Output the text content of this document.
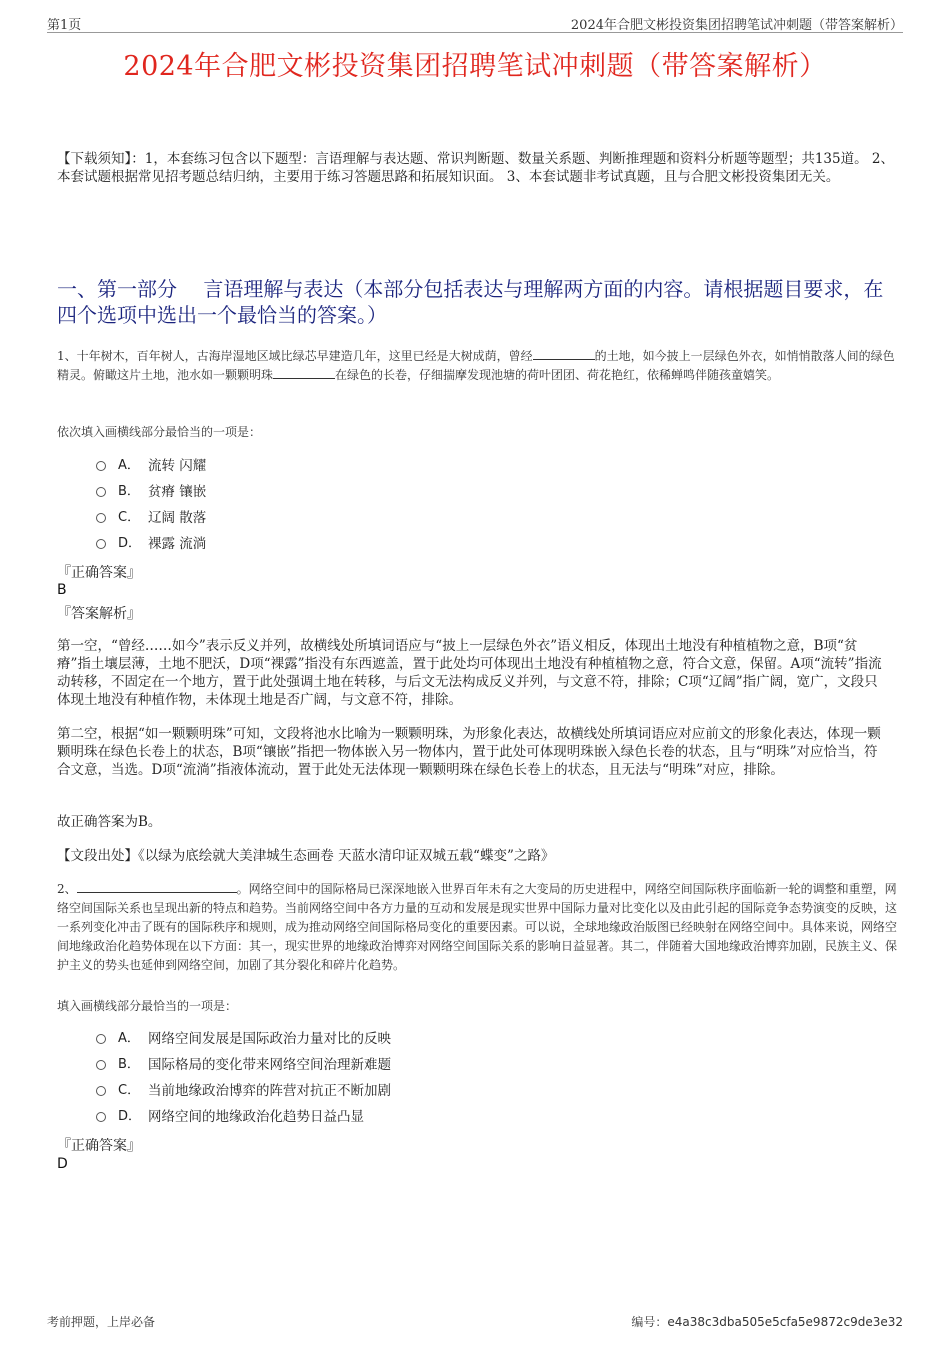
第1页	2024年合肥文彬投资集团招聘笔试冲刺题（带答案解析）
2024年合肥文彬投资集团招聘笔试冲刺题（带答案解析）
【下载须知】：1，本套练习包含以下题型：言语理解与表达题、常识判断题、数量关系题、判断推理题和资料分析题等题型；共135道。 2、本套试题根据常见招考题总结归纳，主要用于练习答题思路和拓展知识面。 3、本套试题非考试真题，且与合肥文彬投资集团无关。
一、第一部分　 言语理解与表达（本部分包括表达与理解两方面的内容。请根据题目要求，在四个选项中选出一个最恰当的答案。）
1、十年树木，百年树人，古海岸湿地区域比绿芯早建造几年，这里已经是大树成荫，曾经	的土地，如今披上一层绿色外衣，如悄悄散落人间的绿色精灵。俯瞰这片土地，池水如一颗颗明珠	在绿色的长卷，仔细揣摩发现池塘的荷叶团团、荷花艳红，依稀蝉鸣伴随孩童嬉笑。
依次填入画横线部分最恰当的一项是：
A． 流转 闪耀
B． 贫瘠 镶嵌
C． 辽阔 散落
D． 裸露 流淌
『正确答案』
B
『答案解析』
第一空，“曾经……如今”表示反义并列，故横线处所填词语应与“披上一层绿色外衣”语义相反，体现出土地没有种植植物之意，B项“贫瘠”指土壤层薄，土地不肥沃，D项“裸露”指没有东西遮盖，置于此处均可体现出土地没有种植植物之意，符合文意，保留。A项“流转”指流动转移，不固定在一个地方，置于此处强调土地在转移，与后文无法构成反义并列，与文意不符，排除；C项“辽阔”指广阔，宽广，文段只体现土地没有种植作物，未体现土地是否广阔，与文意不符，排除。
第二空，根据“如一颗颗明珠”可知，文段将池水比喻为一颗颗明珠，为形象化表达，故横线处所填词语应对应前文的形象化表达，体现一颗颗明珠在绿色长卷上的状态，B项“镶嵌”指把一物体嵌入另一物体内，置于此处可体现明珠嵌入绿色长卷的状态，且与“明珠”对应恰当，符合文意，当选。D项“流淌”指液体流动，置于此处无法体现一颗颗明珠在绿色长卷上的状态，且无法与“明珠”对应，排除。
故正确答案为B。
【文段出处】《以绿为底绘就大美津城生态画卷 天蓝水清印证双城五载“蝶变”之路》
2、	。网络空间中的国际格局已深深地嵌入世界百年未有之大变局的历史进程中，网络空间国际秩序面临新一轮的调整和重塑，网络空间国际关系也呈现出新的特点和趋势。当前网络空间中各方力量的互动和发展是现实世界中国际力量对比变化以及由此引起的国际竞争态势演变的反映，这一系列变化冲击了既有的国际秩序和规则，成为推动网络空间国际格局变化的重要因素。可以说，全球地缘政治版图已经映射在网络空间中。具体来说，网络空间地缘政治化趋势体现在以下方面：其一，现实世界的地缘政治博弈对网络空间国际关系的影响日益显著。其二，伴随着大国地缘政治博弈加剧，民族主义、保护主义的势头也延伸到网络空间，加剧了其分裂化和碎片化趋势。
填入画横线部分最恰当的一项是：
A． 网络空间发展是国际政治力量对比的反映
B． 国际格局的变化带来网络空间治理新难题
C． 当前地缘政治博弈的阵营对抗正不断加剧
D． 网络空间的地缘政治化趋势日益凸显
『正确答案』
D
考前押题，上岸必备	编号：e4a38c3dba505e5cfa5e9872c9de3e32
